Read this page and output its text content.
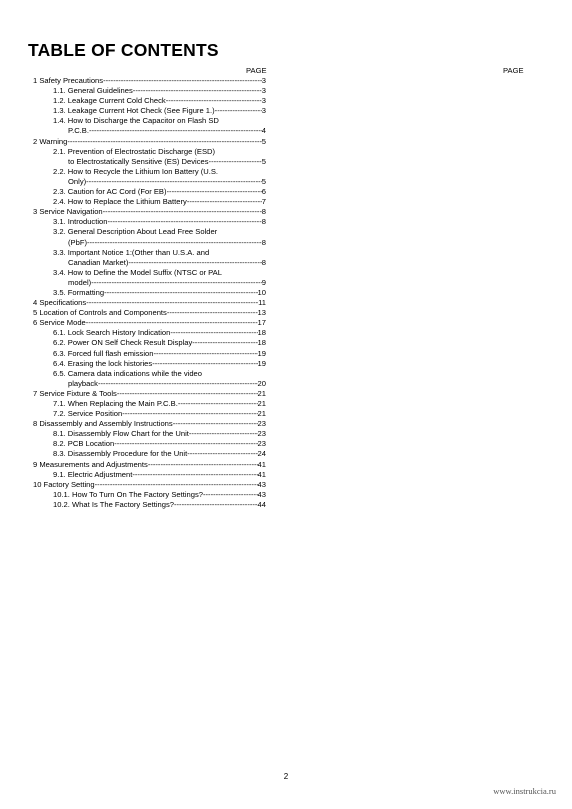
TABLE OF CONTENTS
PAGE	PAGE
1 Safety Precautions -----	3
1.1. General Guidelines -----	3
1.2. Leakage Current Cold Check -----	3
1.3. Leakage Current Hot Check (See Figure 1.) -----	3
1.4. How to Discharge the Capacitor on Flash SD
P.C.B. -----	4
2 Warning -----	5
2.1. Prevention of Electrostatic Discharge (ESD)
to Electrostatically Sensitive (ES) Devices -----	5
2.2. How to Recycle the Lithium Ion Battery (U.S.
Only) -----	5
2.3. Caution for AC Cord (For EB) -----	6
2.4. How to Replace the Lithium Battery -----	7
3 Service Navigation -----	8
3.1. Introduction -----	8
3.2. General Description About Lead Free Solder
(PbF) -----	8
3.3. Important Notice 1:(Other than U.S.A. and
Canadian Market) -----	8
3.4. How to Define the Model Suffix (NTSC or PAL
model) -----	9
3.5. Formatting -----	10
4 Specifications -----	11
5 Location of Controls and Components -----	13
6 Service Mode -----	17
6.1. Lock Search History Indication -----	18
6.2. Power ON Self Check Result Display -----	18
6.3. Forced full flash emission -----	19
6.4. Erasing the lock histories -----	19
6.5. Camera data indications while the video
playback -----	20
7 Service Fixture & Tools -----	21
7.1. When Replacing the Main P.C.B. -----	21
7.2. Service Position -----	21
8 Disassembly and Assembly Instructions -----	23
8.1. Disassembly Flow Chart for the Unit -----	23
8.2. PCB Location -----	23
8.3. Disassembly Procedure for the Unit -----	24
9 Measurements and Adjustments -----	41
9.1. Electric Adjustment -----	41
10 Factory Setting -----	43
10.1. How To Turn On The Factory Settings? -----	43
10.2. What Is The Factory Settings? -----	44
2
www.instrukcia.ru
